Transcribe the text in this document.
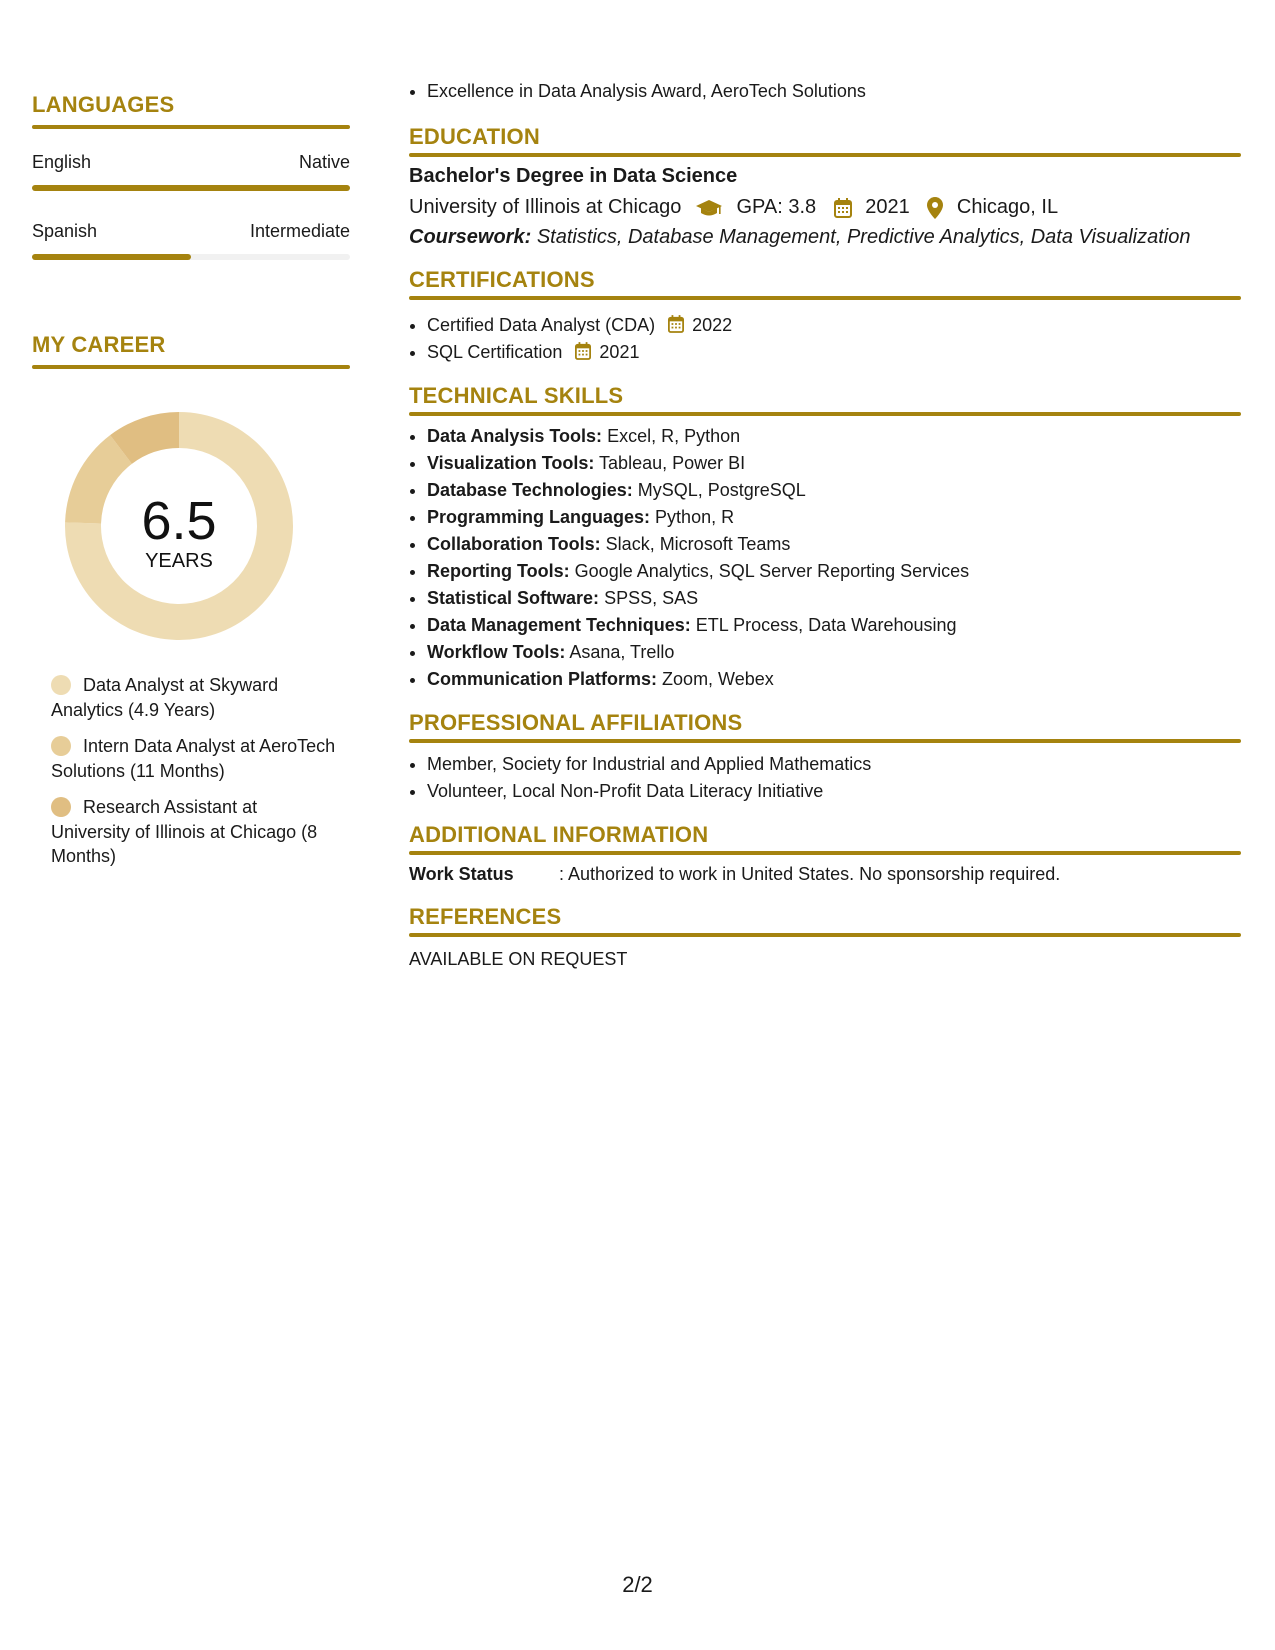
LANGUAGES
English	Native
Spanish	Intermediate
MY CAREER
6.5
YEARS
Data Analyst at Skyward Analytics (4.9 Years)
Intern Data Analyst at AeroTech Solutions (11 Months)
Research Assistant at University of Illinois at Chicago (8 Months)
• Excellence in Data Analysis Award, AeroTech Solutions
EDUCATION
Bachelor's Degree in Data Science
University of Illinois at Chicago	GPA: 3.8 2021 Chicago, IL
Coursework: Statistics, Database Management, Predictive Analytics, Data Visualization
CERTIFICATIONS
• Certified Data Analyst (CDA) 2022
• SQL Certification 2021
TECHNICAL SKILLS
• Data Analysis Tools: Excel, R, Python
• Visualization Tools: Tableau, Power BI
• Database Technologies: MySQL, PostgreSQL
• Programming Languages: Python, R
• Collaboration Tools: Slack, Microsoft Teams
• Reporting Tools: Google Analytics, SQL Server Reporting Services
• Statistical Software: SPSS, SAS
• Data Management Techniques: ETL Process, Data Warehousing
• Workflow Tools: Asana, Trello
• Communication Platforms: Zoom, Webex
PROFESSIONAL AFFILIATIONS
• Member, Society for Industrial and Applied Mathematics
• Volunteer, Local Non-Profit Data Literacy Initiative
ADDITIONAL INFORMATION
Work Status	: Authorized to work in United States. No sponsorship required.
REFERENCES
AVAILABLE ON REQUEST
2/2
